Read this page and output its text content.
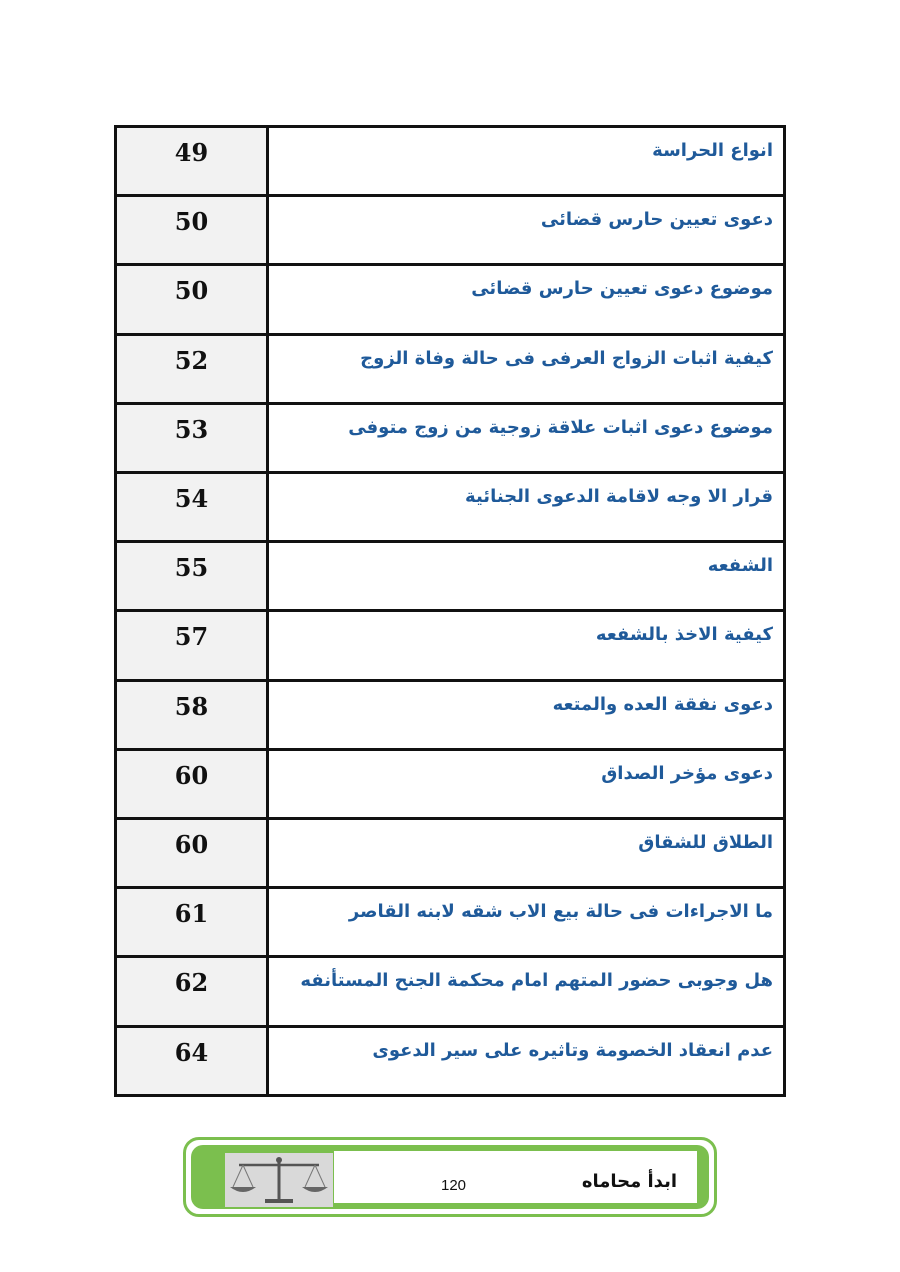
49	انواع الحراسة
50	دعوى تعيين حارس قضائى
50	موضوع دعوى تعيين حارس قضائى
52	كيفية اثبات الزواج العرفى فى حالة وفاة الزوج
53	موضوع دعوى اثبات علاقة زوجية من زوج متوفى
54	قرار الا وجه لاقامة الدعوى الجنائية
55	الشفعه
57	كيفية الاخذ بالشفعه
58	دعوى نفقة العده والمتعه
60	دعوى مؤخر الصداق
60	الطلاق للشقاق
61	ما الاجراءات فى حالة بيع الاب شقه لابنه القاصر
62	هل وجوبى حضور المتهم امام محكمة الجنح المستأنفه
64	عدم انعقاد الخصومة وتاثيره على سير الدعوى
120	ابدأ محاماه
